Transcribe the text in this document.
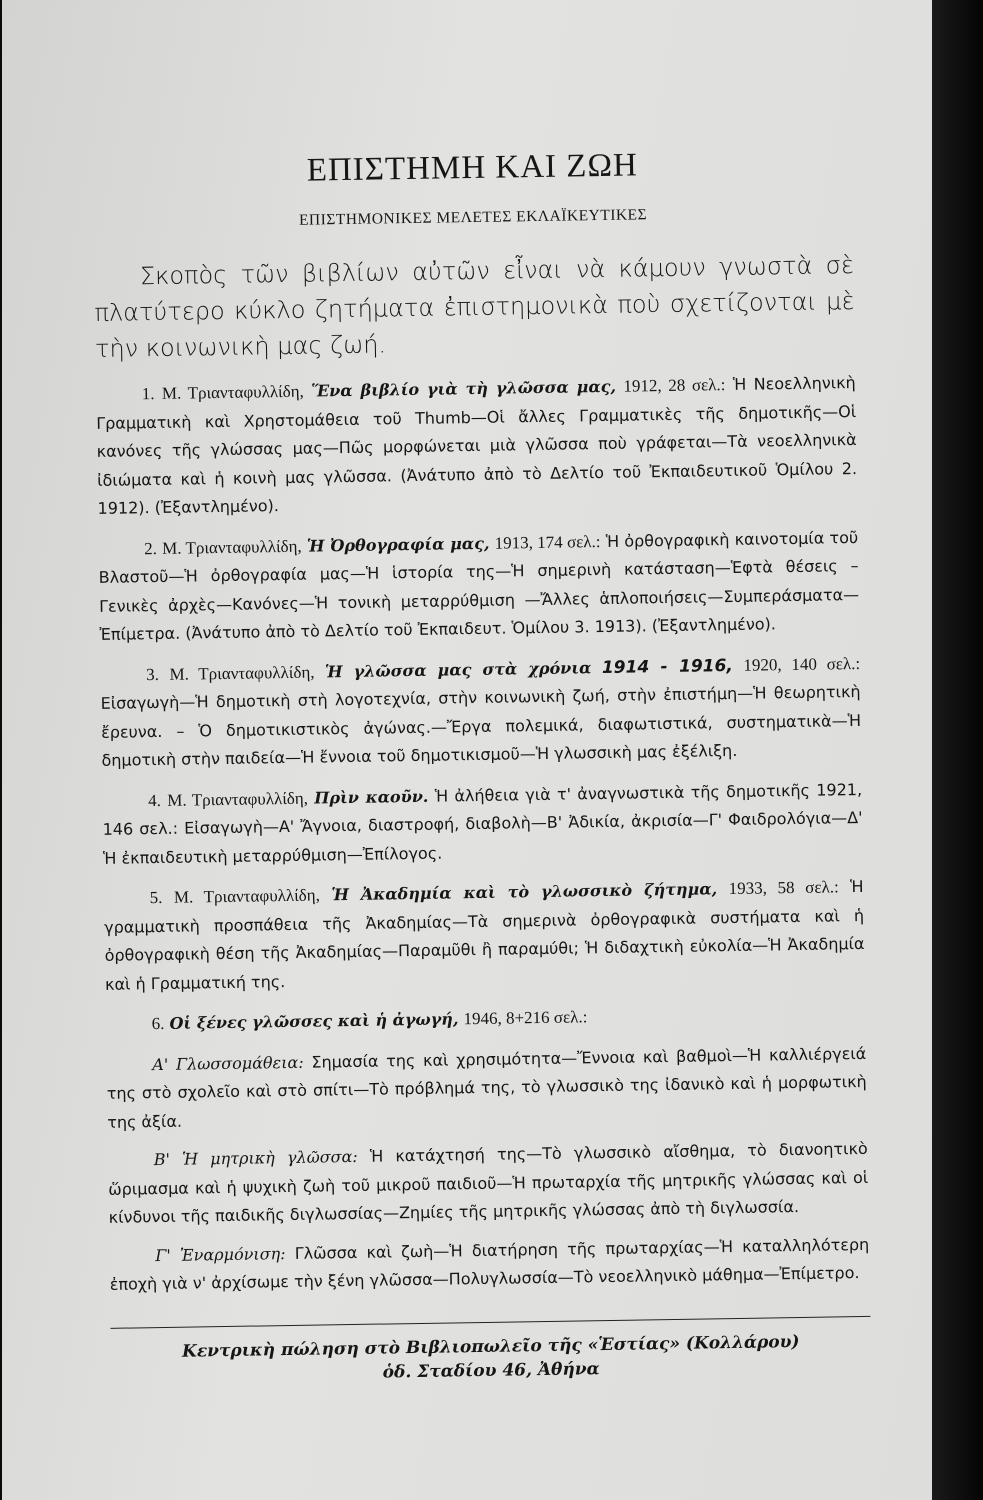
ΕΠΙΣΤΗΜΗ ΚΑΙ ΖΩΗ
ΕΠΙΣΤΗΜΟΝΙΚΕΣ ΜΕΛΕΤΕΣ ΕΚΛΑΪΚΕΥΤΙΚΕΣ

Σκοπὸς τῶν βιβλίων αὐτῶν εἶναι νὰ κάμουν γνωστὰ σὲ πλατύτερο κύκλο ζητήματα ἐπιστημονικὰ ποὺ σχετίζονται μὲ τὴν κοινωνικὴ μας ζωή.

1. Μ. Τριανταφυλλίδη, Ἕνα βιβλίο γιὰ τὴ γλῶσσα μας, 1912, 28 σελ.: Ἡ Νεοελληνικὴ Γραμματικὴ καὶ Χρηστομάθεια τοῦ Thumb—Οἱ ἄλλες Γραμματικὲς τῆς δημοτικῆς—Οἱ κανόνες τῆς γλώσσας μας—Πῶς μορφώνεται μιὰ γλῶσσα ποὺ γράφεται—Τὰ νεοελληνικὰ ἰδιώματα καὶ ἡ κοινὴ μας γλῶσσα. (Ἀνάτυπο ἀπὸ τὸ Δελτίο τοῦ Ἐκπαιδευτικοῦ Ὁμίλου 2. 1912). (Ἐξαντλημένο).

2. Μ. Τριανταφυλλίδη, Ἡ Ὀρθογραφία μας, 1913, 174 σελ.: Ἡ ὀρθογραφικὴ καινοτομία τοῦ Βλαστοῦ—Ἡ ὀρθογραφία μας—Ἡ ἱστορία της—Ἡ σημερινὴ κατάσταση—Ἑφτὰ θέσεις – Γενικὲς ἀρχὲς—Κανόνες—Ἡ τονικὴ μεταρρύθμιση —Ἄλλες ἁπλοποιήσεις—Συμπεράσματα—Ἐπίμετρα. (Ἀνάτυπο ἀπὸ τὸ Δελτίο τοῦ Ἐκπαιδευτ. Ὁμίλου 3. 1913). (Ἐξαντλημένο).

3. Μ. Τριανταφυλλίδη, Ἡ γλῶσσα μας στὰ χρόνια 1914 - 1916, 1920, 140 σελ.: Εἰσαγωγὴ—Ἡ δημοτικὴ στὴ λογοτεχνία, στὴν κοινωνικὴ ζωή, στὴν ἐπιστήμη—Ἡ θεωρητικὴ ἔρευνα. – Ὁ δημοτικιστικὸς ἀγώνας.—Ἔργα πολεμικά, διαφωτιστικά, συστηματικὰ—Ἡ δημοτικὴ στὴν παιδεία—Ἡ ἔννοια τοῦ δημοτικισμοῦ—Ἡ γλωσσικὴ μας ἐξέλιξη.

4. Μ. Τριανταφυλλίδη, Πρὶν καοῦν. Ἡ ἀλήθεια γιὰ τ' ἀναγνωστικὰ τῆς δημοτικῆς 1921, 146 σελ.: Εἰσαγωγὴ—Α' Ἄγνοια, διαστροφή, διαβολὴ—Β' Ἀδικία, ἀκρισία—Γ' Φαιδρολόγια—Δ' Ἡ ἐκπαιδευτικὴ μεταρρύθμιση—Ἐπίλογος.

5. Μ. Τριανταφυλλίδη, Ἡ Ἀκαδημία καὶ τὸ γλωσσικὸ ζήτημα, 1933, 58 σελ.: Ἡ γραμματικὴ προσπάθεια τῆς Ἀκαδημίας—Τὰ σημερινὰ ὀρθογραφικὰ συστήματα καὶ ἡ ὀρθογραφικὴ θέση τῆς Ἀκαδημίας—Παραμῦθι ἢ παραμύθι; Ἡ διδαχτικὴ εὐκολία—Ἡ Ἀκαδημία καὶ ἡ Γραμματική της.

6. Οἱ ξένες γλῶσσες καὶ ἡ ἀγωγή, 1946, 8+216 σελ.:

Α' Γλωσσομάθεια: Σημασία της καὶ χρησιμότητα—Ἔννοια καὶ βαθμοὶ—Ἡ καλλιέργειά της στὸ σχολεῖο καὶ στὸ σπίτι—Τὸ πρόβλημά της, τὸ γλωσσικὸ της ἰδανικὸ καὶ ἡ μορφωτικὴ της ἀξία.

Β' Ἡ μητρικὴ γλῶσσα: Ἡ κατάχτησή της—Τὸ γλωσσικὸ αἴσθημα, τὸ διανοητικὸ ὥριμασμα καὶ ἡ ψυχικὴ ζωὴ τοῦ μικροῦ παιδιοῦ—Ἡ πρωταρχία τῆς μητρικῆς γλώσσας καὶ οἱ κίνδυνοι τῆς παιδικῆς διγλωσσίας—Ζημίες τῆς μητρικῆς γλώσσας ἀπὸ τὴ διγλωσσία.

Γ' Ἐναρμόνιση: Γλῶσσα καὶ ζωὴ—Ἡ διατήρηση τῆς πρωταρχίας—Ἡ καταλληλότερη ἐποχὴ γιὰ ν' ἀρχίσωμε τὴν ξένη γλῶσσα—Πολυγλωσσία—Τὸ νεοελληνικὸ μάθημα—Ἐπίμετρο.

Κεντρικὴ πώληση στὸ Βιβλιοπωλεῖο τῆς «Ἑστίας» (Κολλάρου)
ὁδ. Σταδίου 46, Ἀθήνα
